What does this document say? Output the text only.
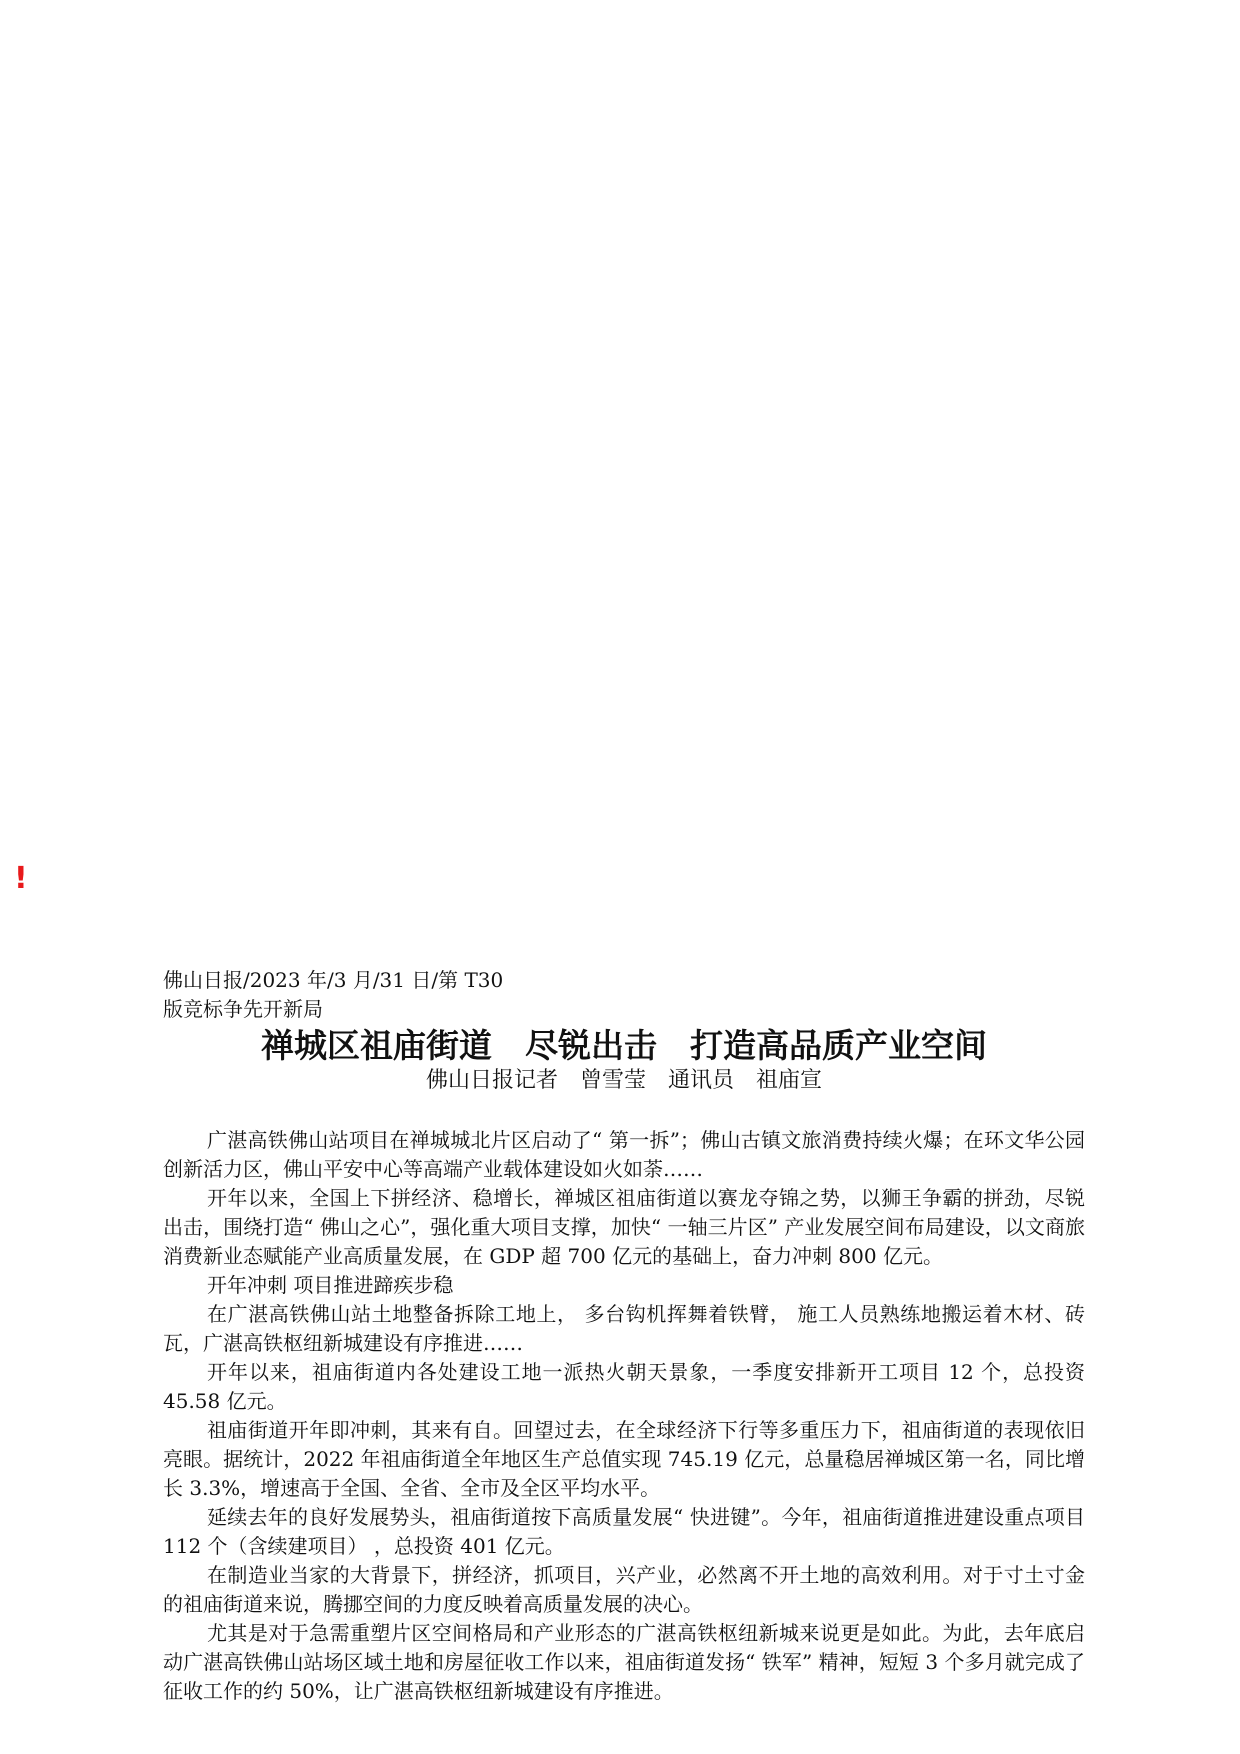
!

佛山日报/2023 年/3 月/31 日/第 T30

版竞标争先开新局

禅城区祖庙街道　尽锐出击　打造高品质产业空间

佛山日报记者　曾雪莹　通讯员　祖庙宣

广湛高铁佛山站项目在禅城城北片区启动了“ 第一拆”；佛山古镇文旅消费持续火爆；在环文华公园创新活力区，佛山平安中心等高端产业载体建设如火如荼……

开年以来，全国上下拼经济、稳增长，禅城区祖庙街道以赛龙夺锦之势，以狮王争霸的拼劲，尽锐出击，围绕打造“ 佛山之心”，强化重大项目支撑，加快“ 一轴三片区” 产业发展空间布局建设，以文商旅消费新业态赋能产业高质量发展，在 GDP 超 700 亿元的基础上，奋力冲刺 800 亿元。

开年冲刺 项目推进蹄疾步稳

在广湛高铁佛山站土地整备拆除工地上， 多台钩机挥舞着铁臂， 施工人员熟练地搬运着木材、砖瓦，广湛高铁枢纽新城建设有序推进……

开年以来，祖庙街道内各处建设工地一派热火朝天景象，一季度安排新开工项目 12 个，总投资 45.58 亿元。

祖庙街道开年即冲刺，其来有自。回望过去，在全球经济下行等多重压力下，祖庙街道的表现依旧亮眼。据统计，2022 年祖庙街道全年地区生产总值实现 745.19 亿元，总量稳居禅城区第一名，同比增长 3.3%，增速高于全国、全省、全市及全区平均水平。

延续去年的良好发展势头，祖庙街道按下高质量发展“ 快进键”。今年，祖庙街道推进建设重点项目 112 个（含续建项目） ，总投资 401 亿元。

在制造业当家的大背景下，拼经济，抓项目，兴产业，必然离不开土地的高效利用。对于寸土寸金的祖庙街道来说，腾挪空间的力度反映着高质量发展的决心。

尤其是对于急需重塑片区空间格局和产业形态的广湛高铁枢纽新城来说更是如此。为此，去年底启动广湛高铁佛山站场区域土地和房屋征收工作以来，祖庙街道发扬“ 铁军” 精神，短短 3 个多月就完成了征收工作的约 50%，让广湛高铁枢纽新城建设有序推进。
